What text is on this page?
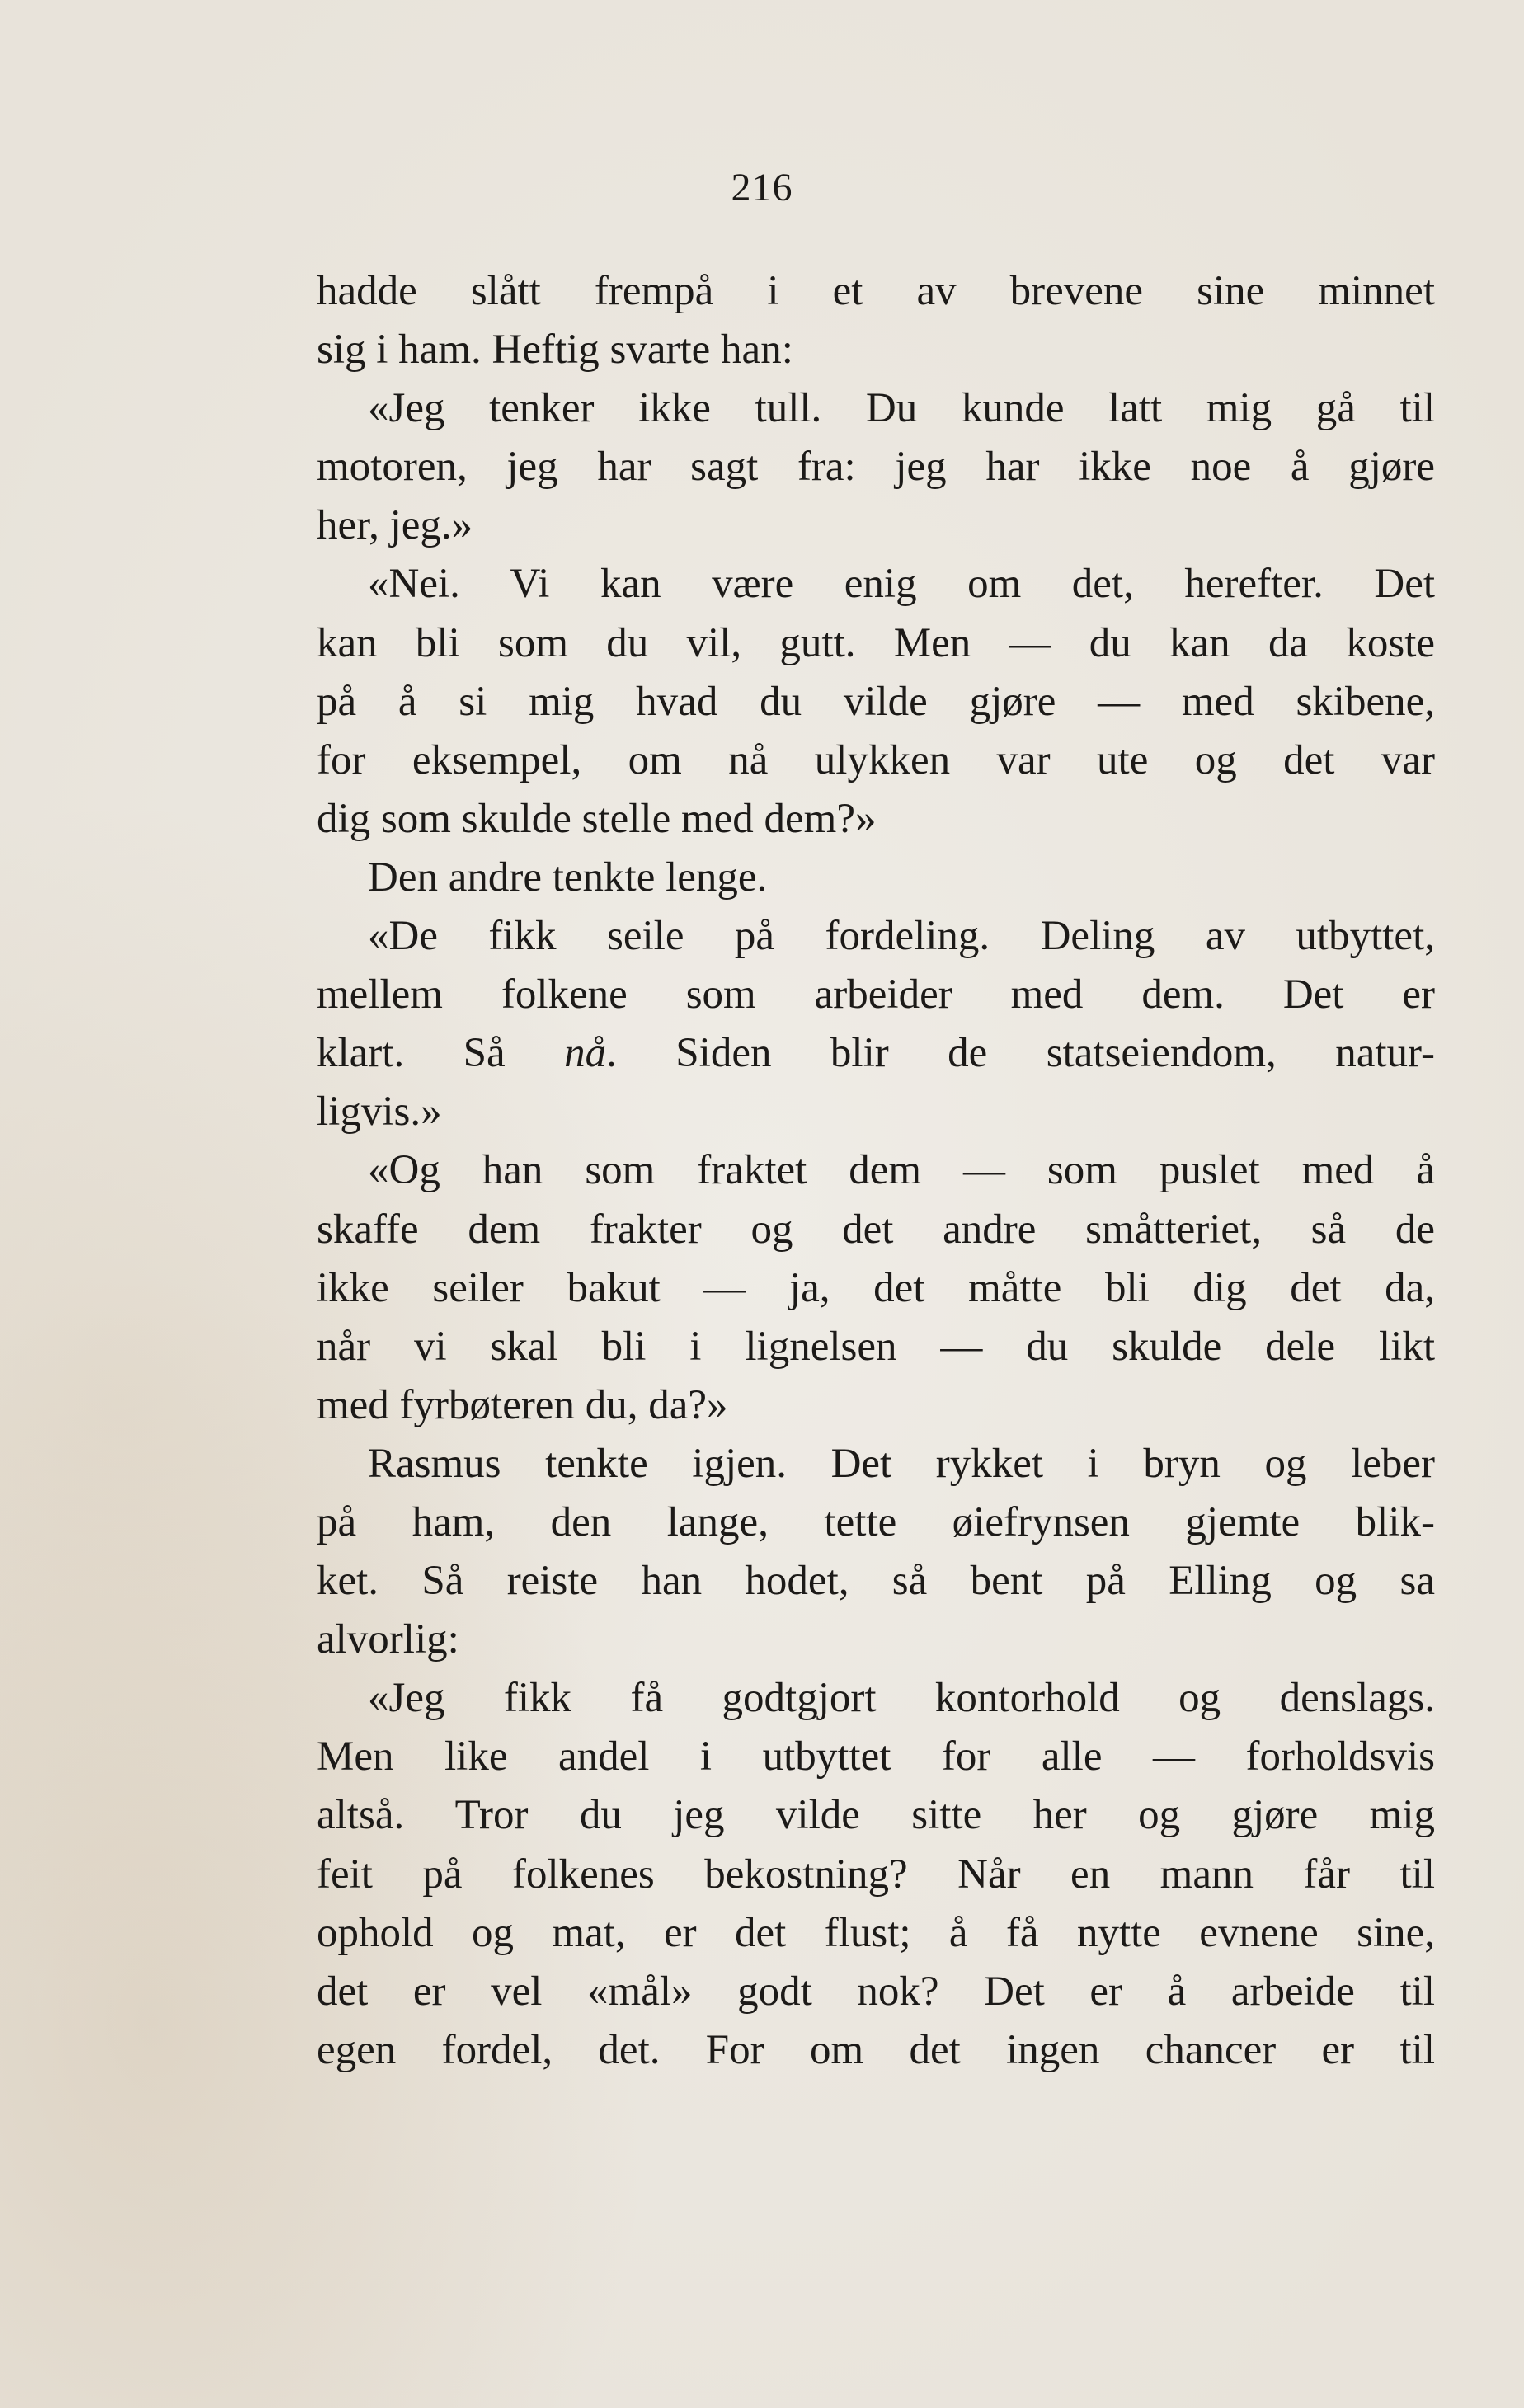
216
hadde slått frempå i et av brevene sine minnet
sig i ham. Heftig svarte han:
«Jeg tenker ikke tull. Du kunde latt mig gå til
motoren, jeg har sagt fra: jeg har ikke noe å gjøre
her, jeg.»
«Nei. Vi kan være enig om det, herefter. Det
kan bli som du vil, gutt. Men — du kan da koste
på å si mig hvad du vilde gjøre — med skibene,
for eksempel, om nå ulykken var ute og det var
dig som skulde stelle med dem?»
Den andre tenkte lenge.
«De fikk seile på fordeling. Deling av utbyttet,
mellem folkene som arbeider med dem. Det er
klart. Så nå. Siden blir de statseiendom, natur-
ligvis.»
«Og han som fraktet dem — som puslet med å
skaffe dem frakter og det andre småtteriet, så de
ikke seiler bakut — ja, det måtte bli dig det da,
når vi skal bli i lignelsen — du skulde dele likt
med fyrbøteren du, da?»
Rasmus tenkte igjen. Det rykket i bryn og leber
på ham, den lange, tette øiefrynsen gjemte blik-
ket. Så reiste han hodet, så bent på Elling og sa
alvorlig:
«Jeg fikk få godtgjort kontorhold og denslags.
Men like andel i utbyttet for alle — forholdsvis
altså. Tror du jeg vilde sitte her og gjøre mig
feit på folkenes bekostning? Når en mann får til
ophold og mat, er det flust; å få nytte evnene sine,
det er vel «mål» godt nok? Det er å arbeide til
egen fordel, det. For om det ingen chancer er til
